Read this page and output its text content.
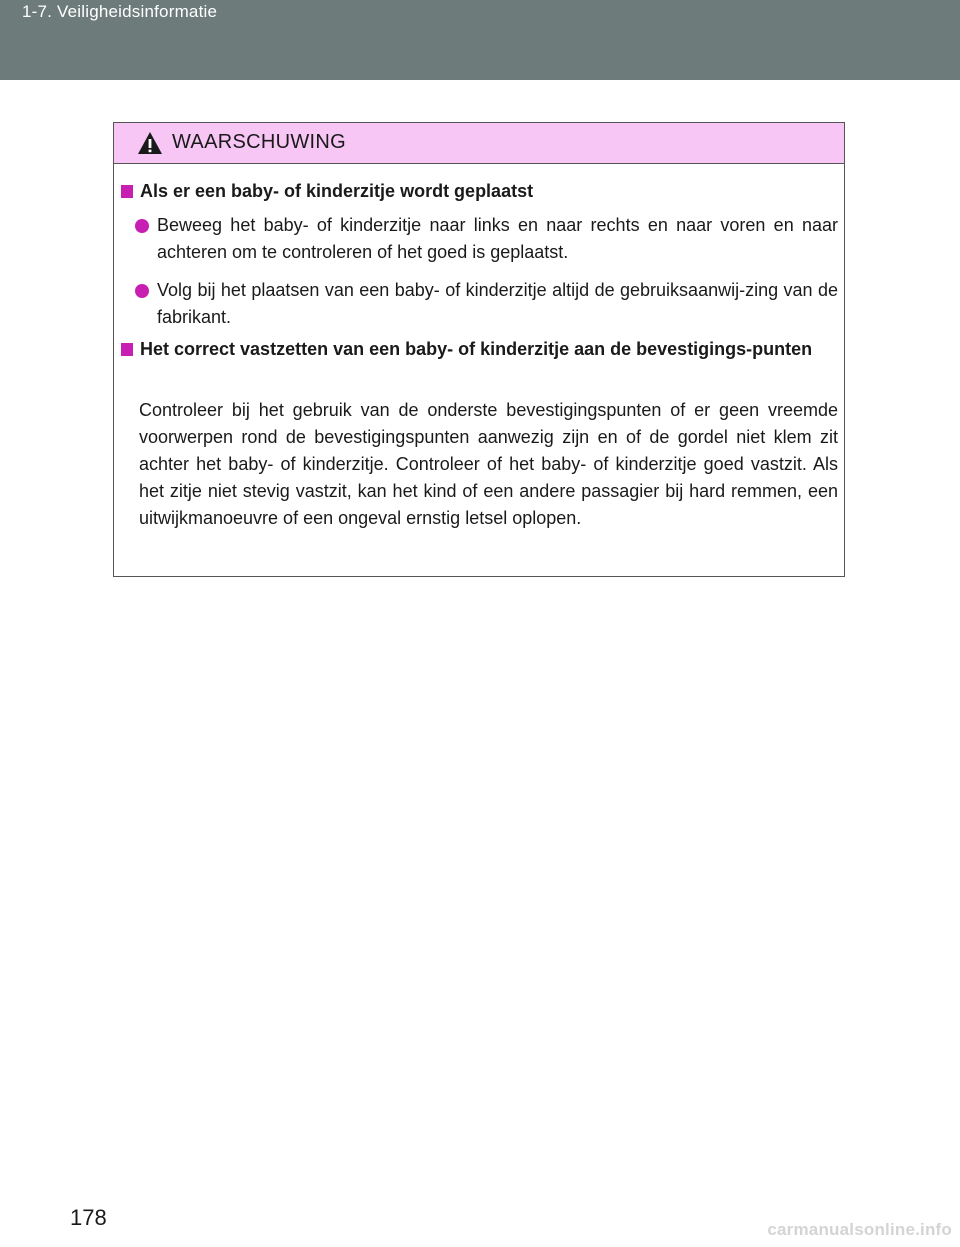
1-7. Veiligheidsinformatie
WAARSCHUWING
Als er een baby- of kinderzitje wordt geplaatst
Beweeg het baby- of kinderzitje naar links en naar rechts en naar voren en naar achteren om te controleren of het goed is geplaatst.
Volg bij het plaatsen van een baby- of kinderzitje altijd de gebruiksaanwij-zing van de fabrikant.
Het correct vastzetten van een baby- of kinderzitje aan de bevestigings-punten
Controleer bij het gebruik van de onderste bevestigingspunten of er geen vreemde voorwerpen rond de bevestigingspunten aanwezig zijn en of de gordel niet klem zit achter het baby- of kinderzitje. Controleer of het baby- of kinderzitje goed vastzit. Als het zitje niet stevig vastzit, kan het kind of een andere passagier bij hard remmen, een uitwijkmanoeuvre of een ongeval ernstig letsel oplopen.
178	carmanualsonline.info
